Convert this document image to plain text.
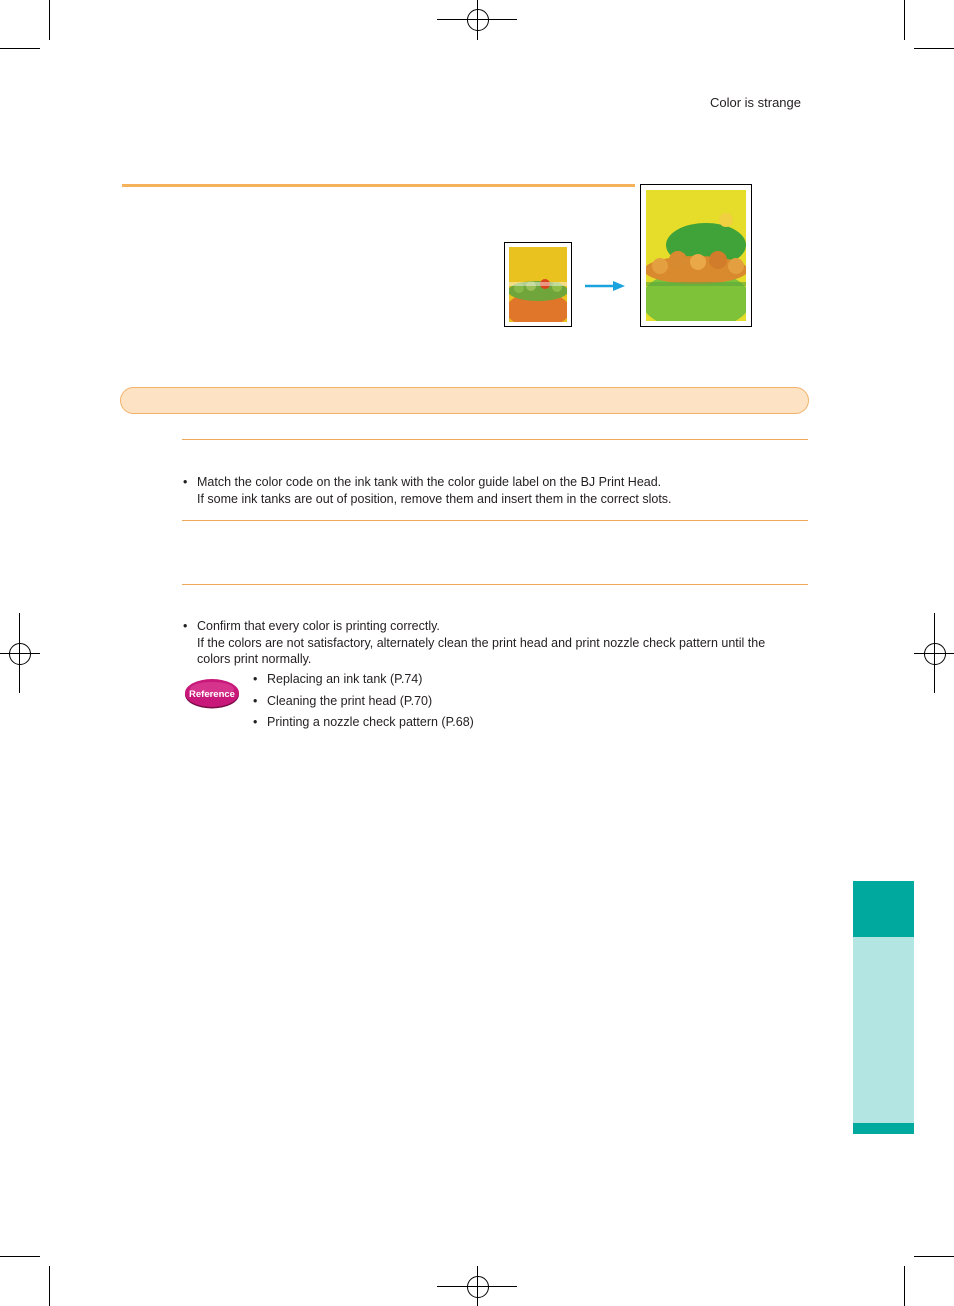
Color is strange
• Match the color code on the ink tank with the color guide label on the BJ Print Head.
If some ink tanks are out of position, remove them and insert them in the correct slots.
• Confirm that every color is printing correctly.
If the colors are not satisfactory, alternately clean the print head and print nozzle check pattern until the
colors print normally.
Reference
• Replacing an ink tank (P.74)
• Cleaning the print head (P.70)
• Printing a nozzle check pattern (P.68)
